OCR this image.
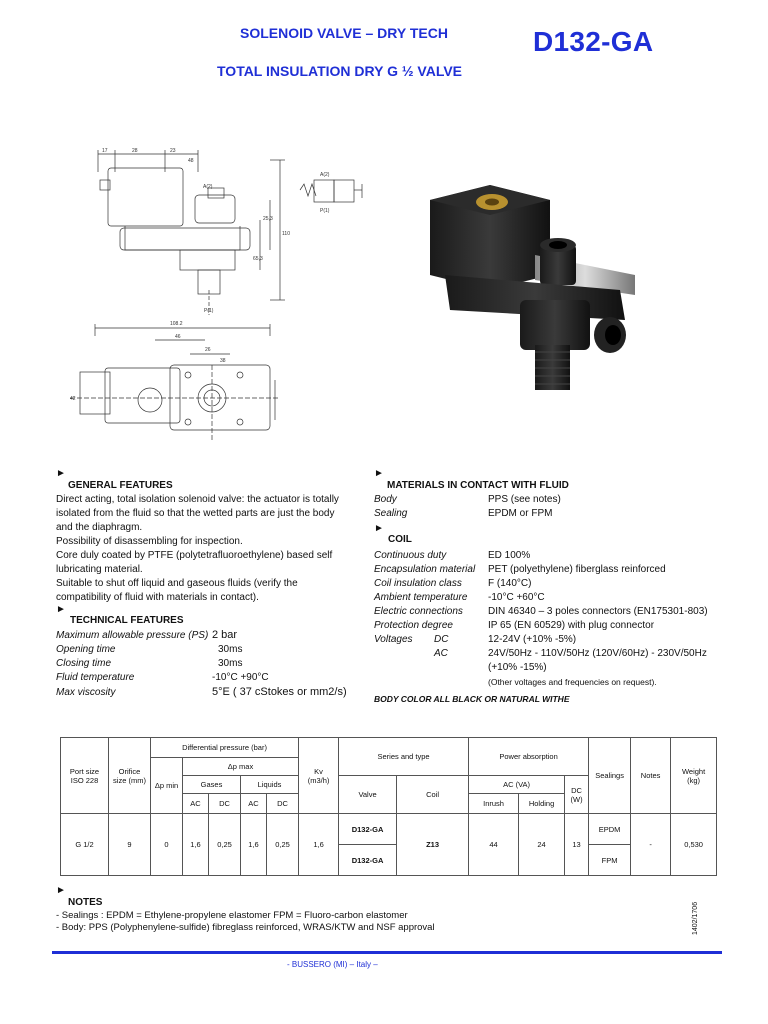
SOLENOID VALVE – DRY TECH
TOTAL INSULATION DRY G ½ VALVE
D132-GA
17	28	23
48
A(2)
P(1)
25,3
65,3
110
A(2)
P(1)
108.2
46
26
38
42
►
GENERAL FEATURES
Direct acting, total isolation solenoid valve: the actuator is totally
isolated from the fluid so that the wetted parts are just the body
and the diaphragm.
Possibility of disassembling for inspection.
Core duly coated by PTFE (polytetrafluoroethylene) based self
lubricating material.
Suitable to shut off liquid and gaseous fluids (verify the
compatibility of fluid with materials in contact).
►
TECHNICAL FEATURES
Maximum allowable pressure (PS) 2 bar
Opening time	30ms
Closing time	30ms
Fluid temperature	-10°C +90°C
Max viscosity	5°E ( 37 cStokes or mm2/s)
►
MATERIALS IN CONTACT WITH FLUID
Body	PPS (see notes)
Sealing	EPDM or FPM
►
COIL
Continuous duty	ED 100%
Encapsulation material PET (polyethylene) fiberglass reinforced
Coil insulation class	F (140°C)
Ambient temperature -10°C +60°C
Electric connections	DIN 46340 – 3 poles connectors (EN175301-803)
Protection degree	IP 65 (EN 60529) with plug connector
Voltages DC	12-24V (+10% -5%)
AC	24V/50Hz - 110V/50Hz (120V/60Hz) - 230V/50Hz
(+10% -15%)
(Other voltages and frequencies on request).
BODY COLOR ALL BLACK OR NATURAL WITHE
Port size ISO 228	Orifice size (mm)	Differential pressure (bar)					Kv
(m3/h)	Series and type		Power absorption			Sealings	Notes	Weight (kg)
		Δp min	Δp max												
			Gases		Liquids			Valve	Coil	AC (VA)		DC (W)			
			AC	DC	AC	DC				Inrush	Holding				
G 1/2	9	0	1,6	0,25	1,6	0,25	1,6	D132-GA	Z13	44	24	13	EPDM	-	0,530
								D132-GA					FPM		
►
NOTES
- Sealings : EPDM = Ethylene-propylene elastomer FPM = Fluoro-carbon elastomer
- Body: PPS (Polyphenylene-sulfide) fibreglass reinforced, WRAS/KTW and NSF approval	1402/1706
- BUSSERO (MI) – Italy –
